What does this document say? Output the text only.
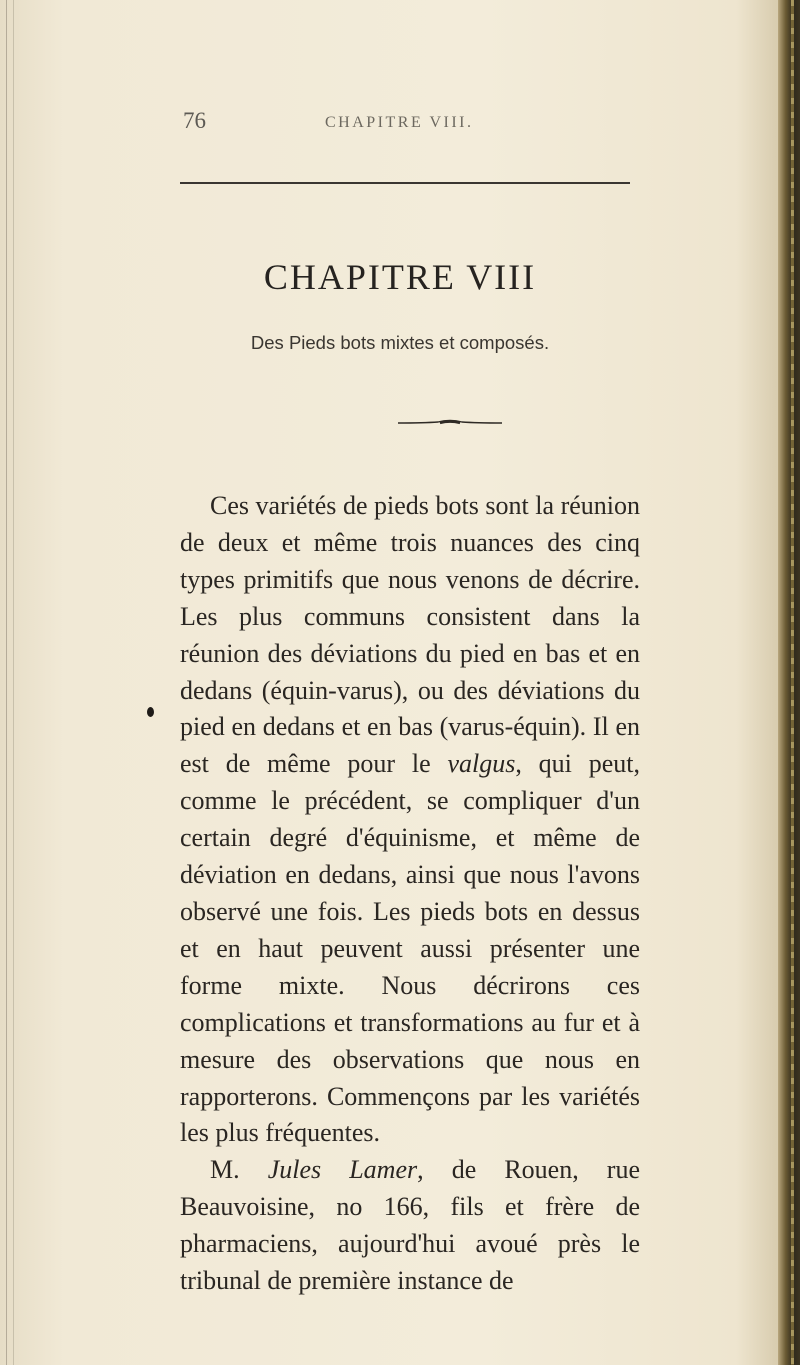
76	CHAPITRE VIII.
CHAPITRE VIII
Des Pieds bots mixtes et composés.

Ces variétés de pieds bots sont la réunion de deux et même trois nuances des cinq types primitifs que nous venons de décrire. Les plus communs consistent dans la réunion des déviations du pied en bas et en dedans (équin-varus), ou des déviations du pied en dedans et en bas (varus-équin). Il en est de même pour le valgus, qui peut, comme le précédent, se compliquer d'un certain degré d'équinisme, et même de déviation en dedans, ainsi que nous l'avons observé une fois. Les pieds bots en dessus et en haut peuvent aussi présenter une forme mixte. Nous décrirons ces complications et transformations au fur et à mesure des observations que nous en rapporterons. Commençons par les variétés les plus fréquentes.

M. Jules Lamer, de Rouen, rue Beauvoisine, no 166, fils et frère de pharmaciens, aujourd'hui avoué près le tribunal de première instance de
